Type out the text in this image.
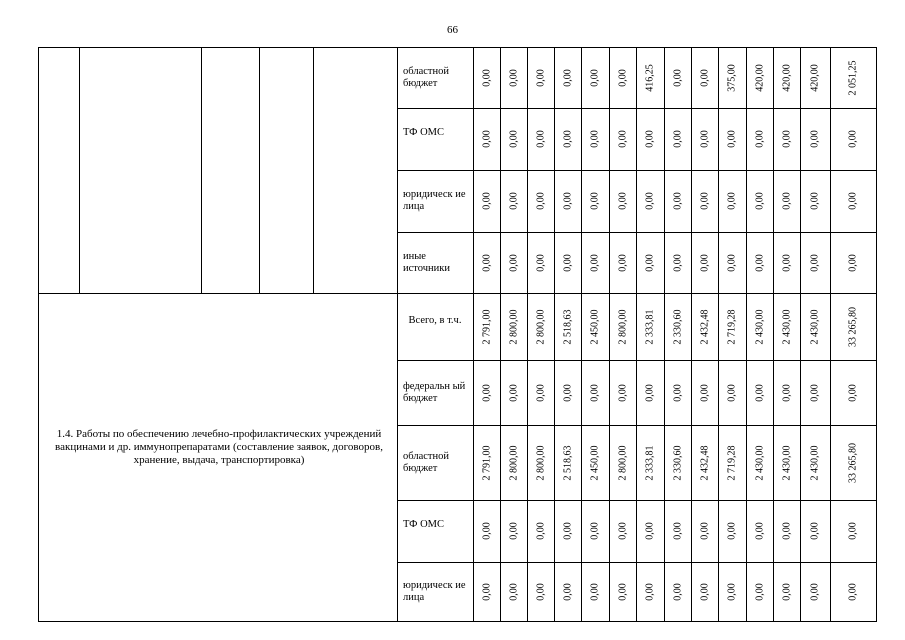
66
областной бюджет	0,00 0,00 0,00 0,00 0,00 0,00 416,25 0,00 0,00 375,00 420,00 420,00 420,00	2 051,25
ТФ ОМС	0,00 0,00 0,00 0,00 0,00 0,00 0,00 0,00 0,00 0,00 0,00 0,00 0,00	0,00
юридическ ие лица	0,00 0,00 0,00 0,00 0,00 0,00 0,00 0,00 0,00 0,00 0,00 0,00 0,00	0,00
иные источники	0,00 0,00 0,00 0,00 0,00 0,00 0,00 0,00 0,00 0,00 0,00 0,00 0,00	0,00
Всего, в т.ч.	2 791,00 2 800,00 2 800,00 2 518,63 2 450,00 2 800,00 2 333,81 2 330,60 2 432,48 2 719,28 2 430,00 2 430,00 2 430,00	33 265,80
федеральн ый бюджет	0,00 0,00 0,00 0,00 0,00 0,00 0,00 0,00 0,00 0,00 0,00 0,00 0,00	0,00
областной бюджет	2 791,00 2 800,00 2 800,00 2 518,63 2 450,00 2 800,00 2 333,81 2 330,60 2 432,48 2 719,28 2 430,00 2 430,00 2 430,00	33 265,80
ТФ ОМС	0,00 0,00 0,00 0,00 0,00 0,00 0,00 0,00 0,00 0,00 0,00 0,00 0,00	0,00
юридическ ие лица	0,00 0,00 0,00 0,00 0,00 0,00 0,00 0,00 0,00 0,00 0,00 0,00 0,00	0,00
1.4. Работы по обеспечению лечебно-профилактических учреждений вакцинами и др. иммунопрепаратами (составление заявок, договоров, хранение, выдача, транспортировка)
